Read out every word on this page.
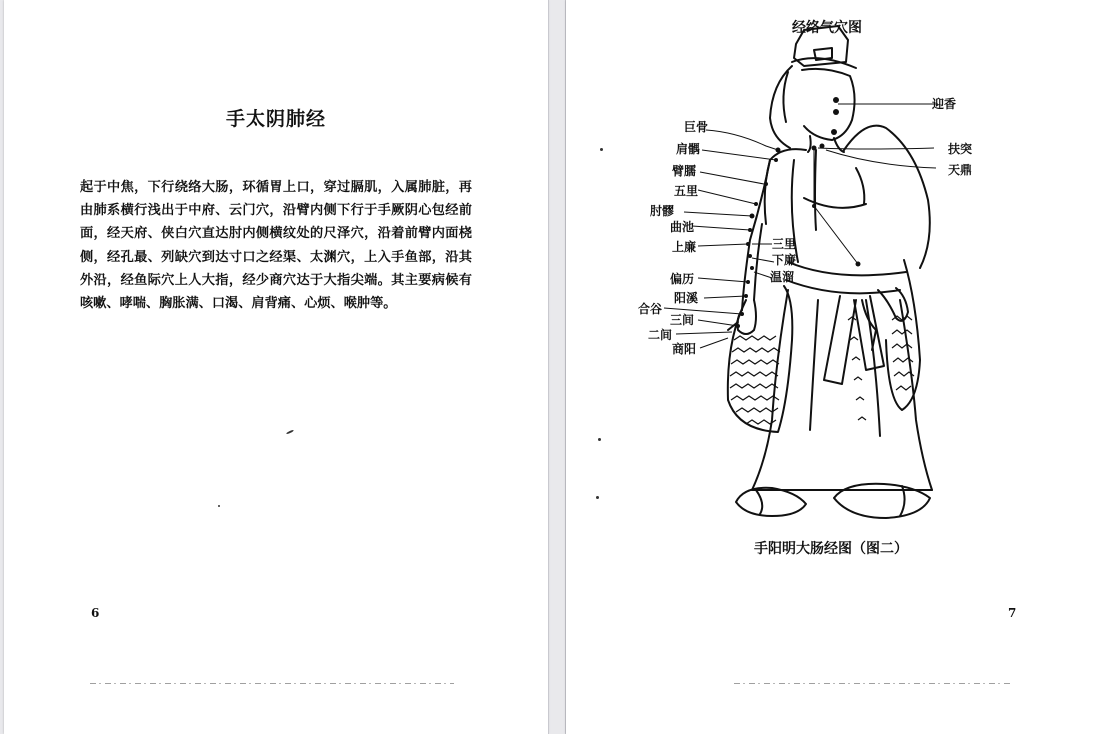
手太阴肺经
起于中焦，下行绕络大肠，环循胃上口，穿过膈肌，入属肺脏，再由肺系横行浅出于中府、云门穴，沿臂内侧下行于手厥阴心包经前面，经天府、侠白穴直达肘内侧横纹处的尺泽穴，沿着前臂内面桡侧，经孔最、列缺穴到达寸口之经渠、太渊穴，上入手鱼部，沿其外沿，经鱼际穴上人大指，经少商穴达于大指尖端。其主要病候有咳嗽、哮喘、胸胀满、口渴、肩背痛、心烦、喉肿等。
6
经络气穴图
迎香
巨骨
肩髃	扶突
天鼎
臂臑
五里
肘髎
曲池
上廉	三里
下廉
温溜
偏历
阳溪
合谷
三间
二间
商阳
手阳明大肠经图（图二）
7
